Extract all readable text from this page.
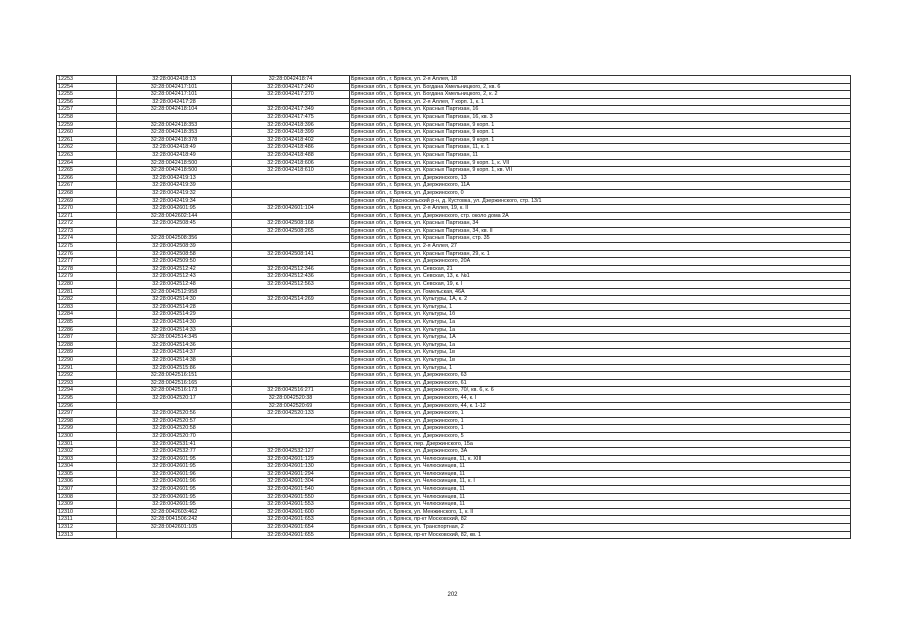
12253	32:28:0042418:13	32:28:0042418:74	Брянская обл., г. Брянск, ул. 2-я Аллея, 18
12254	32:28:0042417:101	32:28:0042417:240	Брянская обл., г. Брянск, ул. Богдана Хмельницкого, 2, кв. 6
12255	32:28:0042417:101	32:28:0042417:270	Брянская обл., г. Брянск, ул. Богдана Хмельницкого, 2, к. 2
12256	32:28:0042417:28		Брянская обл., г. Брянск, ул. 2-я Аллея, 7 корп. 1, к. 1
12257	32:28:0042418:104	32:28:0042417:349	Брянская обл., г. Брянск, ул. Красных Партизан, 16
12258		32:28:0042417:475	Брянская обл., г. Брянск, ул. Красных Партизан, 16, кв. 3
12259	32:28:0042418:353	32:28:0042418:396	Брянская обл., г. Брянск, ул. Красных Партизан, 9 корп. 1
12260	32:28:0042418:353	32:28:0042418:399	Брянская обл., г. Брянск, ул. Красных Партизан, 9 корп. 1
12261	32:28:0042418:378	32:28:0042418:402	Брянская обл., г. Брянск, ул. Красных Партизан, 9 корп. 1
12262	32:28:0042418:49	32:28:0042418:486	Брянская обл., г. Брянск, ул. Красных Партизан, 11, к. 1
12263	32:28:0042418:49	32:28:0042418:488	Брянская обл., г. Брянск, ул. Красных Партизан, 11
12264	32:28:0042418:500	32:28:0042418:606	Брянская обл., г. Брянск, ул. Красных Партизан, 9 корп. 1, к. VII
12265	32:28:0042418:500	32:28:0042418:610	Брянская обл., г. Брянск, ул. Красных Партизан, 9 корп. 1, кв. VII
12266	32:28:0042419:13		Брянская обл., г. Брянск, ул. Дзержинского, 13
12267	32:28:0042419:39		Брянская обл., г. Брянск, ул. Дзержинского, 11А
12268	32:28:0042419:32		Брянская обл., г. Брянск, ул. Дзержинского, 0
12269	32:28:0042419:34		Брянская обл., Красносельский р-н, д. Кустовка, ул. Дзержинского, стр. 13/1
12270	32:28:0042601:95	32:28:0042601:104	Брянская обл., г. Брянск, ул. 2-я Аллея, 19, к. II
12271	32:28:0042602:144		Брянская обл., г. Брянск, ул. Дзержинского, стр. около дома 2А
12272	32:28:0042508:45	32:28:0042508:168	Брянская обл., г. Брянск, ул. Красных Партизан, 34
12273		32:28:0042508:265	Брянская обл., г. Брянск, ул. Красных Партизан, 34, кв. II
12274	32:28:0042508:356		Брянская обл., г. Брянск, ул. Красных Партизан, стр. 35
12275	32:28:0042508:39		Брянская обл., г. Брянск, ул. 2-я Аллея, 27
12276	32:28:0042508:58	32:28:0042508:141	Брянская обл., г. Брянск, ул. Красных Партизан, 29, к. 1
12277	32:28:0042509:50		Брянская обл., г. Брянск, ул. Дзержинского, 20А
12278	32:28:0042512:42	32:28:0042512:346	Брянская обл., г. Брянск, ул. Севская, 21
12279	32:28:0042512:43	32:28:0042512:436	Брянская обл., г. Брянск, ул. Севская, 13, к. №1
12280	32:28:0042512:48	32:28:0042512:563	Брянская обл., г. Брянск, ул. Севская, 19, к. I
12281	32:28:0042512:958		Брянская обл., г. Брянск, ул. Гомельская, 46А
12282	32:28:0042514:30	32:28:0042514:269	Брянская обл., г. Брянск, ул. Культуры, 1А, к. 2
12283	32:28:0042514:28		Брянская обл., г. Брянск, ул. Культуры, 1
12284	32:28:0042514:29		Брянская обл., г. Брянск, ул. Культуры, 1б
12285	32:28:0042514:30		Брянская обл., г. Брянск, ул. Культуры, 1а
12286	32:28:0042514:33		Брянская обл., г. Брянск, ул. Культуры, 1а
12287	32:28:0042514:345		Брянская обл., г. Брянск, ул. Культуры, 1А
12288	32:28:0042514:36		Брянская обл., г. Брянск, ул. Культуры, 1а
12289	32:28:0042514:37		Брянская обл., г. Брянск, ул. Культуры, 1в
12290	32:28:0042514:38		Брянская обл., г. Брянск, ул. Культуры, 1в
12291	32:28:0042515:86		Брянская обл., г. Брянск, ул. Культуры, 1
12292	32:28:0042516:151		Брянская обл., г. Брянск, ул. Дзержинского, 63
12293	32:28:0042516:165		Брянская обл., г. Брянск, ул. Дзержинского, 61
12294	32:28:0042516:173	32:28:0042516:271	Брянская обл., г. Брянск, ул. Дзержинского, 70/, кв. 6, к. 6
12295	32:28:0042520:17	32:28:0042520:38	Брянская обл., г. Брянск, ул. Дзержинского, 44, к. I
12296		32:28:0042520:69	Брянская обл., г. Брянск, ул. Дзержинского, 44, к. 1-12
12297	32:28:0042520:56	32:28:0042520:133	Брянская обл., г. Брянск, ул. Дзержинского, 1
12298	32:28:0042520:57		Брянская обл., г. Брянск, ул. Дзержинского, 1
12299	32:28:0042520:58		Брянская обл., г. Брянск, ул. Дзержинского, 1
12300	32:28:0042520:70		Брянская обл., г. Брянск, ул. Дзержинского, 5
12301	32:28:0042531:41		Брянская обл., г. Брянск, пер. Дзержинского, 15а
12302	32:28:0042532:77	32:28:0042532:127	Брянская обл., г. Брянск, ул. Дзержинского, 3А
12303	32:28:0042601:95	32:28:0042601:129	Брянская обл., г. Брянск, ул. Челюскинцев, 11, к. XIII
12304	32:28:0042601:95	32:28:0042601:130	Брянская обл., г. Брянск, ул. Челюскинцев, 11
12305	32:28:0042601:96	32:28:0042601:294	Брянская обл., г. Брянск, ул. Челюскинцев, 11
12306	32:28:0042601:96	32:28:0042601:304	Брянская обл., г. Брянск, ул. Челюскинцев, 11, к. I
12307	32:28:0042601:95	32:28:0042601:540	Брянская обл., г. Брянск, ул. Челюскинцев, 11
12308	32:28:0042601:95	32:28:0042601:550	Брянская обл., г. Брянск, ул. Челюскинцев, 11
12309	32:28:0042601:95	32:28:0042601:553	Брянская обл., г. Брянск, ул. Челюскинцев, 11
12310	32:28:0042603:462	32:28:0042601:600	Брянская обл., г. Брянск, ул. Менжинского, 1, к. II
12311	32:28:0041506:242	32:28:0042601:653	Брянская обл., г. Брянск, пр-кт Московский, 82
12312	32:28:0042601:105	32:28:0042601:654	Брянская обл., г. Брянск, ул. Транспортная, 2
12313		32:28:0042601:655	Брянская обл., г. Брянск, пр-кт Московский, 82, кв. 1
202
